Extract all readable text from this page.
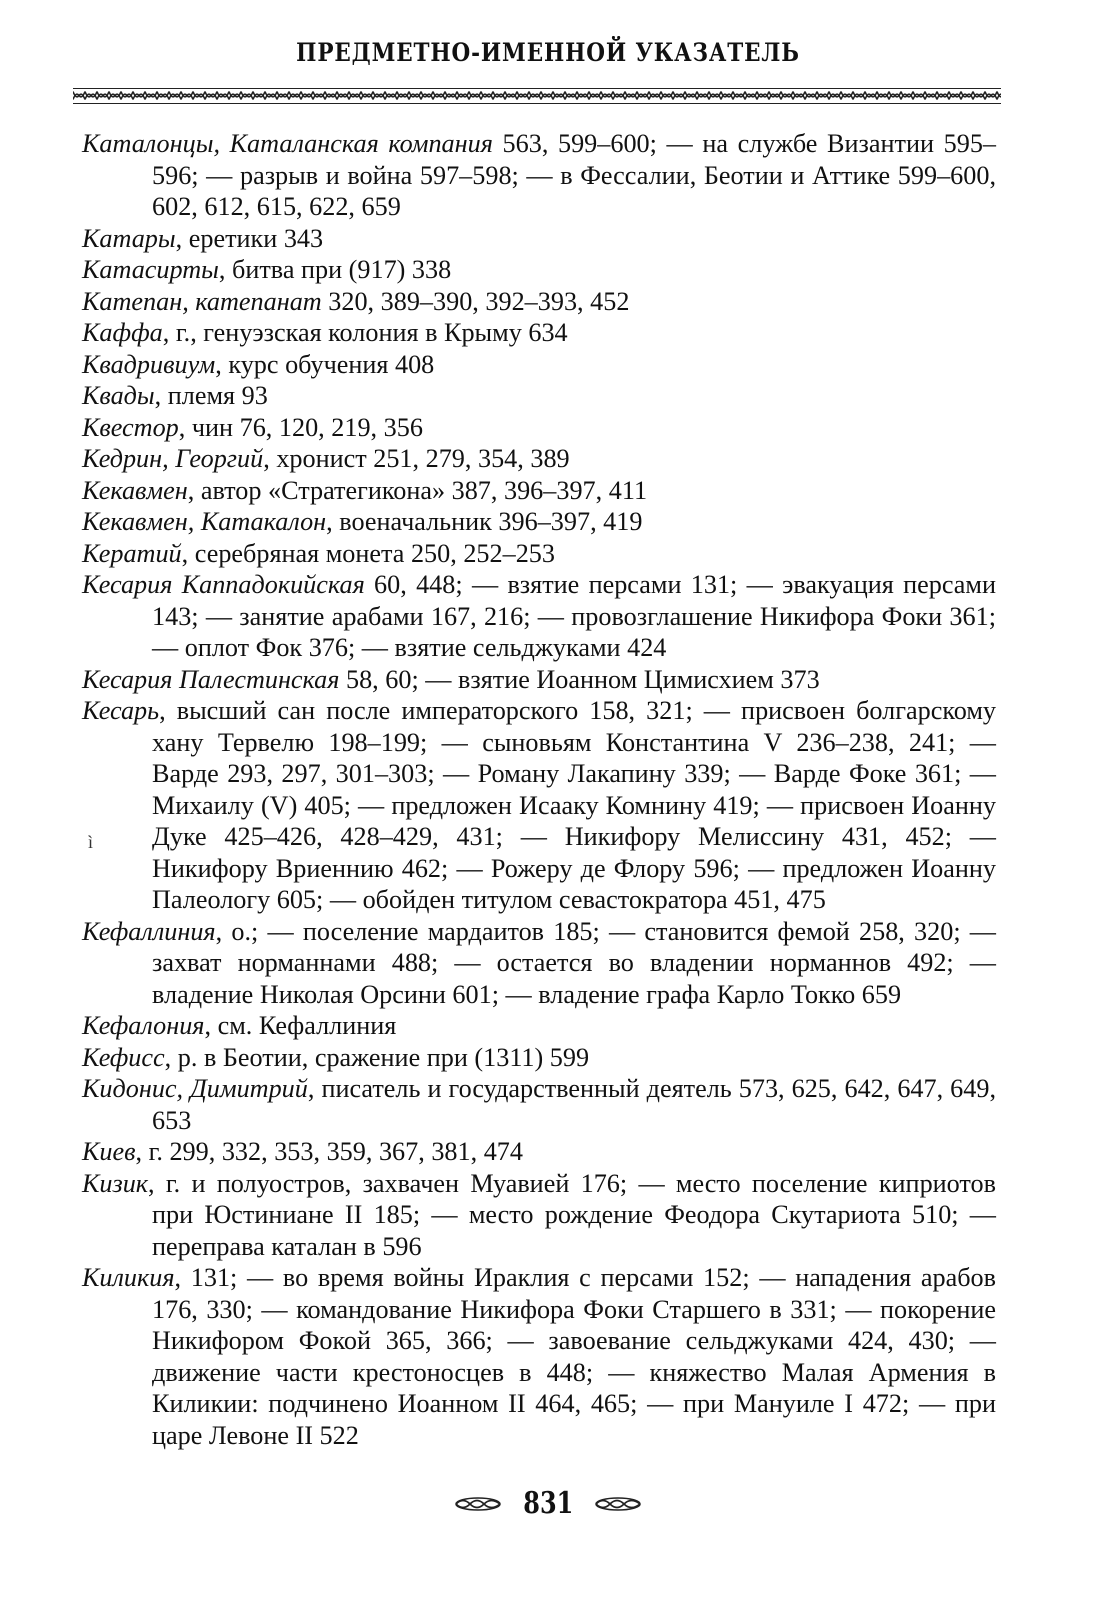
ПРЕДМЕТНО-ИМЕННОЙ УКАЗАТЕЛЬ

Каталонцы, Каталанская компания 563, 599–600; — на службе Византии 595–596; — разрыв и война 597–598; — в Фессалии, Беотии и Аттике 599–600, 602, 612, 615, 622, 659

Катары, еретики 343

Катасирты, битва при (917) 338

Катепан, катепанат 320, 389–390, 392–393, 452

Каффа, г., генуэзская колония в Крыму 634

Квадривиум, курс обучения 408

Квады, племя 93

Квестор, чин 76, 120, 219, 356

Кедрин, Георгий, хронист 251, 279, 354, 389

Кекавмен, автор «Стратегикона» 387, 396–397, 411

Кекавмен, Катакалон, военачальник 396–397, 419

Кератий, серебряная монета 250, 252–253

Кесария Каппадокийская 60, 448; — взятие персами 131; — эвакуация персами 143; — занятие арабами 167, 216; — провозглашение Никифора Фоки 361; — оплот Фок 376; — взятие сельджуками 424

Кесария Палестинская 58, 60; — взятие Иоанном Цимисхием 373

Кесарь, высший сан после императорского 158, 321; — присвоен болгарскому хану Тервелю 198–199; — сыновьям Константина V 236–238, 241; — Варде 293, 297, 301–303; — Роману Лакапину 339; — Варде Фоке 361; — Михаилу (V) 405; — предложен Исааку Комнину 419; — присвоен Иоанну Дуке 425–426, 428–429, 431; — Никифору Мелиссину 431, 452; — Никифору Вриеннию 462; — Рожеру де Флору 596; — предложен Иоанну Палеологу 605; — обойден титулом севастократора 451, 475

Кефаллиния, о.; — поселение мардаитов 185; — становится фемой 258, 320; — захват норманнами 488; — остается во владении норманнов 492; — владение Николая Орсини 601; — владение графа Карло Токко 659

Кефалония, см. Кефаллиния

Кефисс, р. в Беотии, сражение при (1311) 599

Кидонис, Димитрий, писатель и государственный деятель 573, 625, 642, 647, 649, 653

Киев, г. 299, 332, 353, 359, 367, 381, 474

Кизик, г. и полуостров, захвачен Муавией 176; — место поселение киприотов при Юстиниане II 185; — место рождение Феодора Скутариота 510; — переправа каталан в 596

Киликия, 131; — во время войны Ираклия с персами 152; — нападения арабов 176, 330; — командование Никифора Фоки Старшего в 331; — покорение Никифором Фокой 365, 366; — завоевание сельджуками 424, 430; — движение части крестоносцев в 448; — княжество Малая Армения в Киликии: подчинено Иоанном II 464, 465; — при Мануиле I 472; — при царе Левоне II 522

ì
831
